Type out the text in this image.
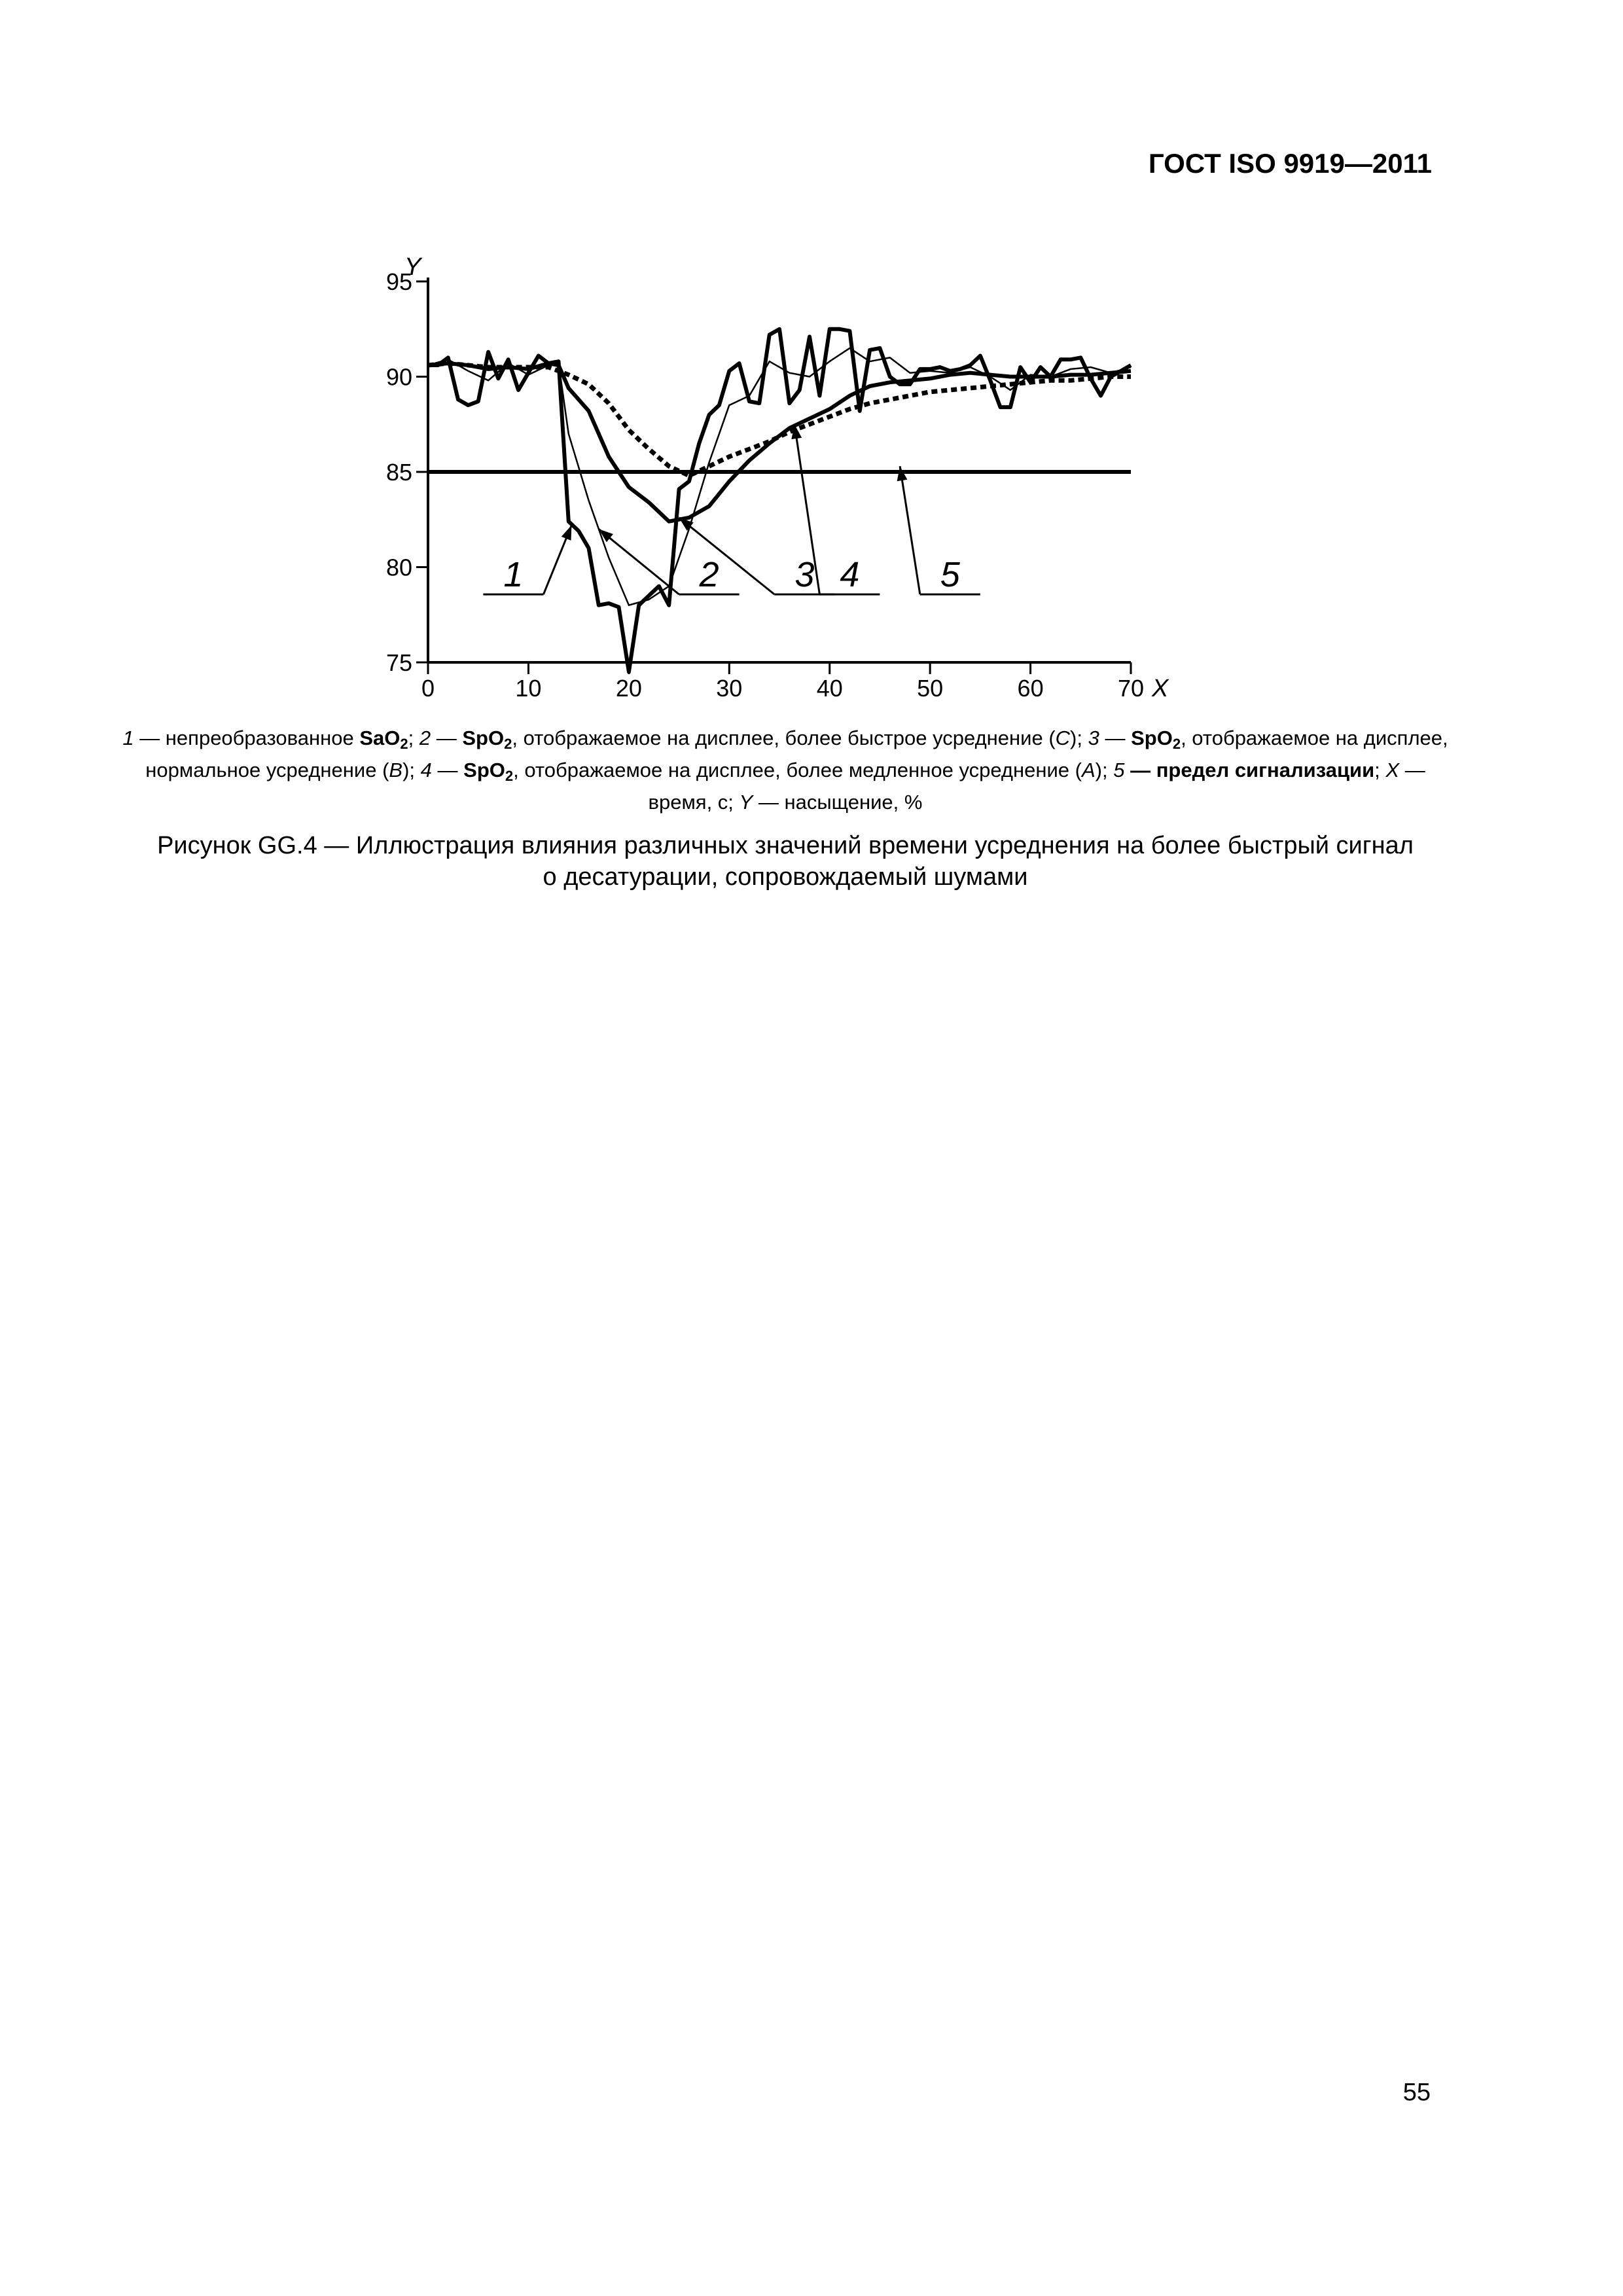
ГОСТ ISO 9919—2011
1	2 3 4 5
75
80
85
90
95
0	10	20	30	40	50	60	70
Y
X
1 — непреобразованное SaO$_2$; 2 — SpO$_2$, отображаемое на дисплее, более быстрое усреднение (C); 3 — SpO$_2$, отображаемое на дисплее, нормальное усреднение (B); 4 — SpO$_2$, отображаемое на дисплее, более медленное усреднение (A); 5 — предел сигнализации; X — время, с; Y — насыщение, %
Рисунок GG.4 — Иллюстрация влияния различных значений времени усреднения на более быстрый сигнал
о десатурации, сопровождаемый шумами
55
